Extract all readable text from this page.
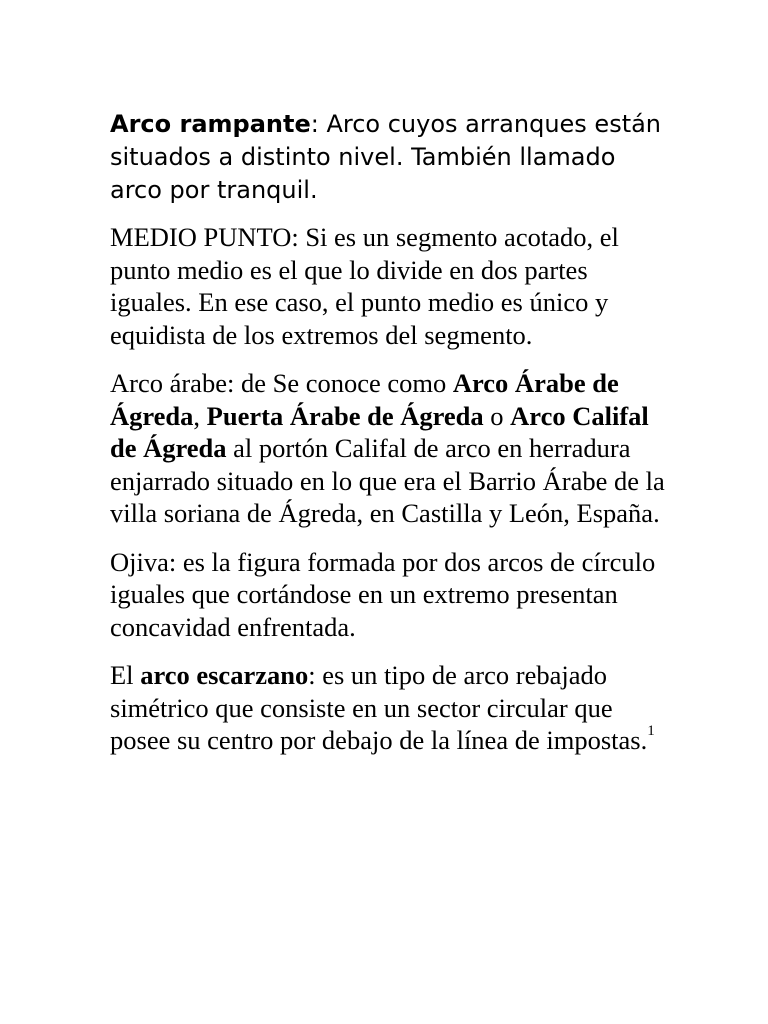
Arco rampante: Arco cuyos arranques están situados a distinto nivel. También llamado arco por tranquil.

MEDIO PUNTO: Si es un segmento acotado, el punto medio es el que lo divide en dos partes iguales. En ese caso, el punto medio es único y equidista de los extremos del segmento.

Arco árabe: de Se conoce como Arco Árabe de Ágreda, Puerta Árabe de Ágreda o Arco Califal de Ágreda al portón Califal de arco en herradura enjarrado situado en lo que era el Barrio Árabe de la villa soriana de Ágreda, en Castilla y León, España.

Ojiva: es la figura formada por dos arcos de círculo iguales que cortándose en un extremo presentan concavidad enfrentada.

El arco escarzano: es un tipo de arco rebajado simétrico que consiste en un sector circular que posee su centro por debajo de la línea de impostas.$^1$
